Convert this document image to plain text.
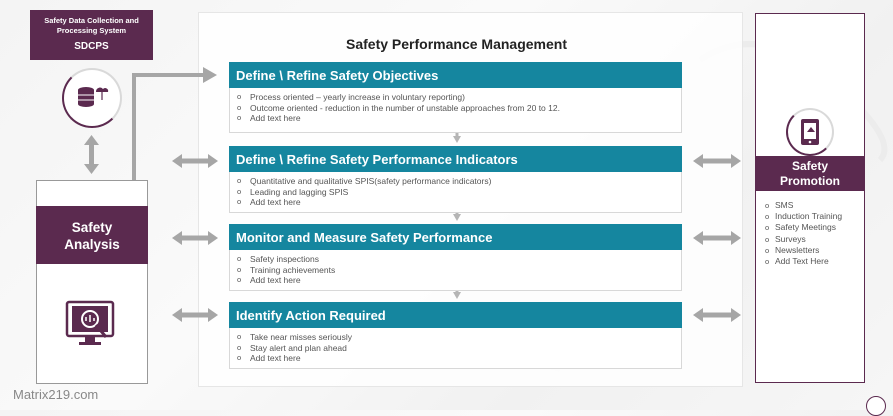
Safety Performance Management
Safety Data Collection and Processing System
SDCPS
Safety Analysis
Define \ Refine Safety Objectives
o Process oriented – yearly increase in voluntary reporting)
o Outcome oriented - reduction in the number of unstable approaches from 20 to 12.
o Add text here
Define \ Refine Safety Performance Indicators
o Quantitative and qualitative SPIS(safety performance indicators)
o Leading and lagging SPIS
o Add text here
Monitor and Measure Safety Performance
o Safety inspections
o Training achievements
o Add text here
Identify Action Required
o Take near misses seriously
o Stay alert and plan ahead
o Add text here
Safety Promotion
o SMS
o Induction Training
o Safety Meetings
o Surveys
o Newsletters
o Add Text Here
Matrix219.com
